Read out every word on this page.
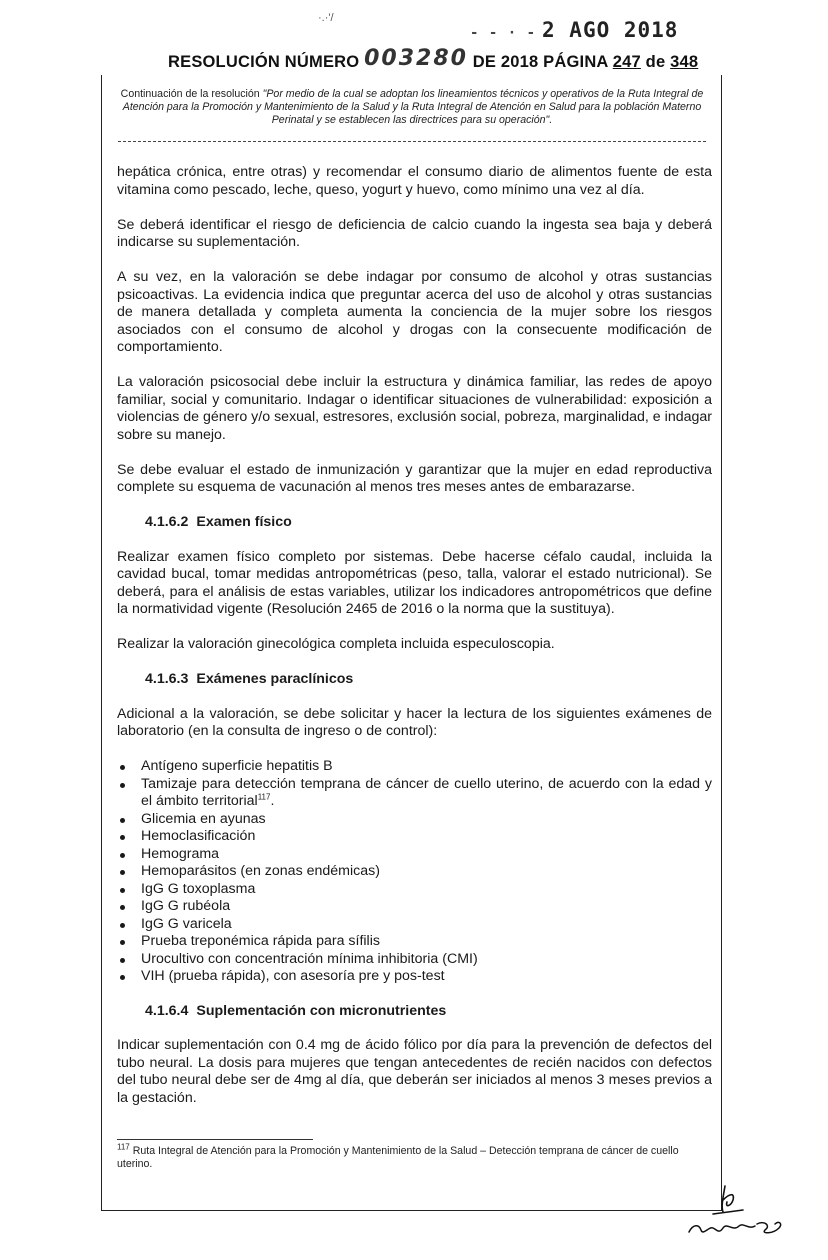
·.·'/
- - · - 2 AGO 2018
RESOLUCIÓN NÚMERO 003280 DE 2018 PÁGINA 247 de 348
Continuación de la resolución "Por medio de la cual se adoptan los lineamientos técnicos y operativos de la Ruta Integral de Atención para la Promoción y Mantenimiento de la Salud y la Ruta Integral de Atención en Salud para la población Materno Perinatal y se establecen las directrices para su operación".

hepática crónica, entre otras) y recomendar el consumo diario de alimentos fuente de esta vitamina como pescado, leche, queso, yogurt y huevo, como mínimo una vez al día.

Se deberá identificar el riesgo de deficiencia de calcio cuando la ingesta sea baja y deberá indicarse su suplementación.

A su vez, en la valoración se debe indagar por consumo de alcohol y otras sustancias psicoactivas. La evidencia indica que preguntar acerca del uso de alcohol y otras sustancias de manera detallada y completa aumenta la conciencia de la mujer sobre los riesgos asociados con el consumo de alcohol y drogas con la consecuente modificación de comportamiento.

La valoración psicosocial debe incluir la estructura y dinámica familiar, las redes de apoyo familiar, social y comunitario. Indagar o identificar situaciones de vulnerabilidad: exposición a violencias de género y/o sexual, estresores, exclusión social, pobreza, marginalidad, e indagar sobre su manejo.

Se debe evaluar el estado de inmunización y garantizar que la mujer en edad reproductiva complete su esquema de vacunación al menos tres meses antes de embarazarse.

4.1.6.2 Examen físico

Realizar examen físico completo por sistemas. Debe hacerse céfalo caudal, incluida la cavidad bucal, tomar medidas antropométricas (peso, talla, valorar el estado nutricional). Se deberá, para el análisis de estas variables, utilizar los indicadores antropométricos que define la normatividad vigente (Resolución 2465 de 2016 o la norma que la sustituya).

Realizar la valoración ginecológica completa incluida especuloscopia.

4.1.6.3 Exámenes paraclínicos

Adicional a la valoración, se debe solicitar y hacer la lectura de los siguientes exámenes de laboratorio (en la consulta de ingreso o de control):

Antígeno superficie hepatitis B
Tamizaje para detección temprana de cáncer de cuello uterino, de acuerdo con la edad y el ámbito territorial$^{117}$.
Glicemia en ayunas
Hemoclasificación
Hemograma
Hemoparásitos (en zonas endémicas)
IgG G toxoplasma
IgG G rubéola
IgG G varicela
Prueba treponémica rápida para sífilis
Urocultivo con concentración mínima inhibitoria (CMI)
VIH (prueba rápida), con asesoría pre y pos-test
4.1.6.4 Suplementación con micronutrientes

Indicar suplementación con 0.4 mg de ácido fólico por día para la prevención de defectos del tubo neural. La dosis para mujeres que tengan antecedentes de recién nacidos con defectos del tubo neural debe ser de 4mg al día, que deberán ser iniciados al menos 3 meses previos a la gestación.

$^{117}$ Ruta Integral de Atención para la Promoción y Mantenimiento de la Salud – Detección temprana de cáncer de cuello uterino.
